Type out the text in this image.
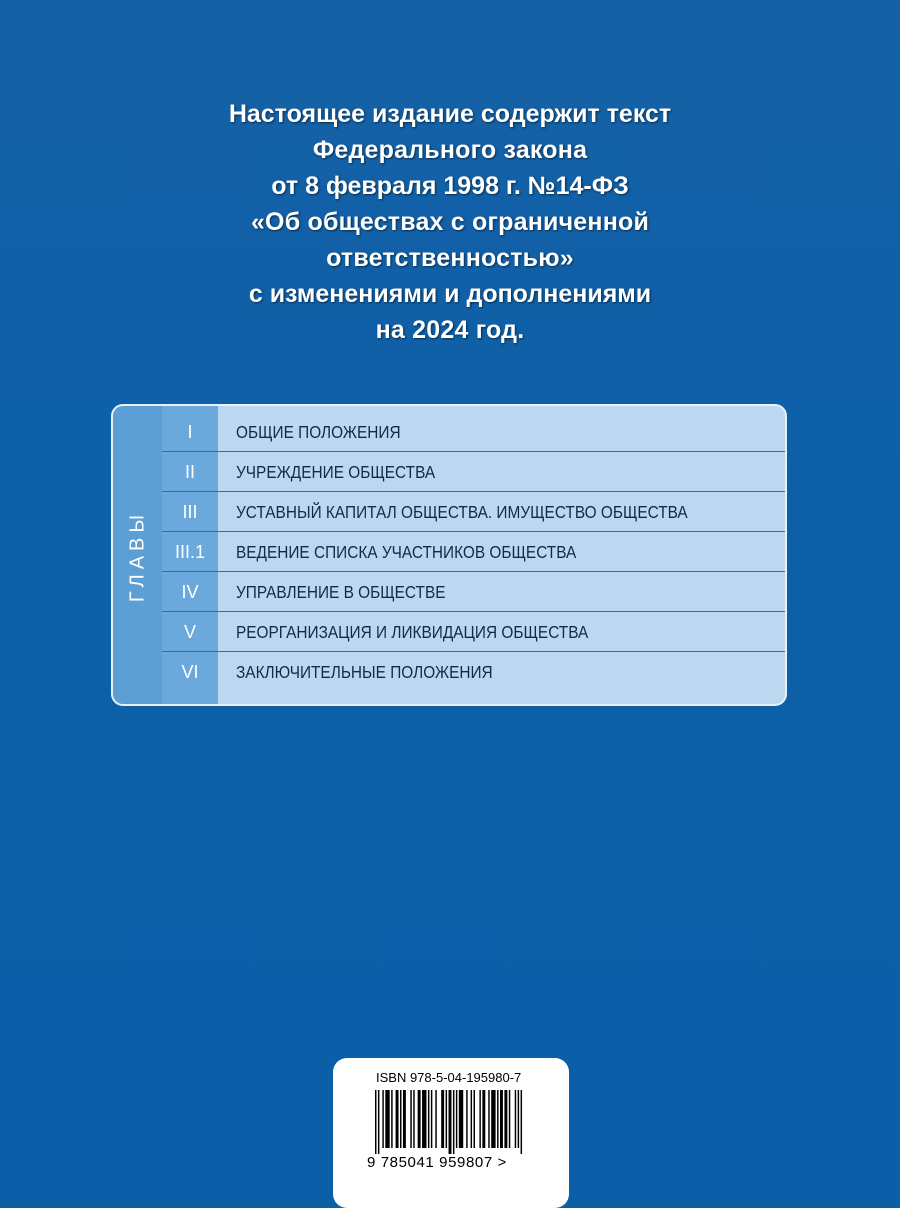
Настоящее издание содержит текст
Федерального закона
от 8 февраля 1998 г. №14-ФЗ
«Об обществах с ограниченной
ответственностью»
с изменениями и дополнениями
на 2024 год.
ГЛАВЫ
I	ОБЩИЕ ПОЛОЖЕНИЯ
II	УЧРЕЖДЕНИЕ ОБЩЕСТВА
III	УСТАВНЫЙ КАПИТАЛ ОБЩЕСТВА. ИМУЩЕСТВО ОБЩЕСТВА
III.1	ВЕДЕНИЕ СПИСКА УЧАСТНИКОВ ОБЩЕСТВА
IV	УПРАВЛЕНИЕ В ОБЩЕСТВЕ
V	РЕОРГАНИЗАЦИЯ И ЛИКВИДАЦИЯ ОБЩЕСТВА
VI	ЗАКЛЮЧИТЕЛЬНЫЕ ПОЛОЖЕНИЯ
ISBN 978-5-04-195980-7
9 785041 959807 >
